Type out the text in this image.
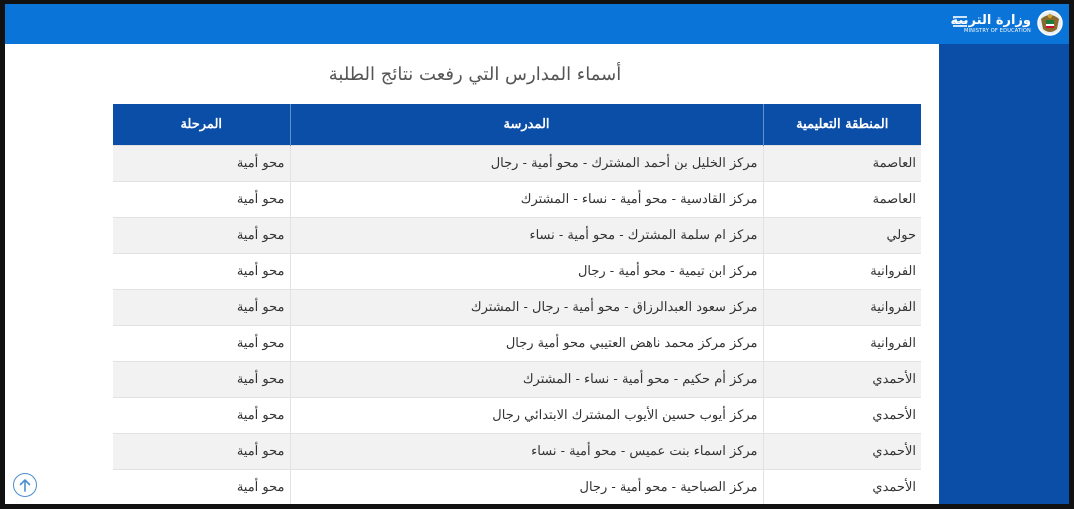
وزارة التربية
MINISTRY OF EDUCATION
أسماء المدارس التي رفعت نتائج الطلبة
المنطقة التعليمية	المدرسة	المرحلة
العاصمة	مركز الخليل بن أحمد المشترك - محو أمية - رجال	محو أمية
العاصمة	مركز القادسية - محو أمية - نساء - المشترك	محو أمية
حولي	مركز ام سلمة المشترك - محو أمية - نساء	محو أمية
الفروانية	مركز ابن تيمية - محو أمية - رجال	محو أمية
الفروانية	مركز سعود العبدالرزاق - محو أمية - رجال - المشترك	محو أمية
الفروانية	مركز مركز محمد ناهض العتيبي محو أمية رجال	محو أمية
الأحمدي	مركز أم حكيم - محو أمية - نساء - المشترك	محو أمية
الأحمدي	مركز أيوب حسين الأيوب المشترك الابتدائي رجال	محو أمية
الأحمدي	مركز اسماء بنت عميس - محو أمية - نساء	محو أمية
الأحمدي	مركز الصباحية - محو أمية - رجال	محو أمية
